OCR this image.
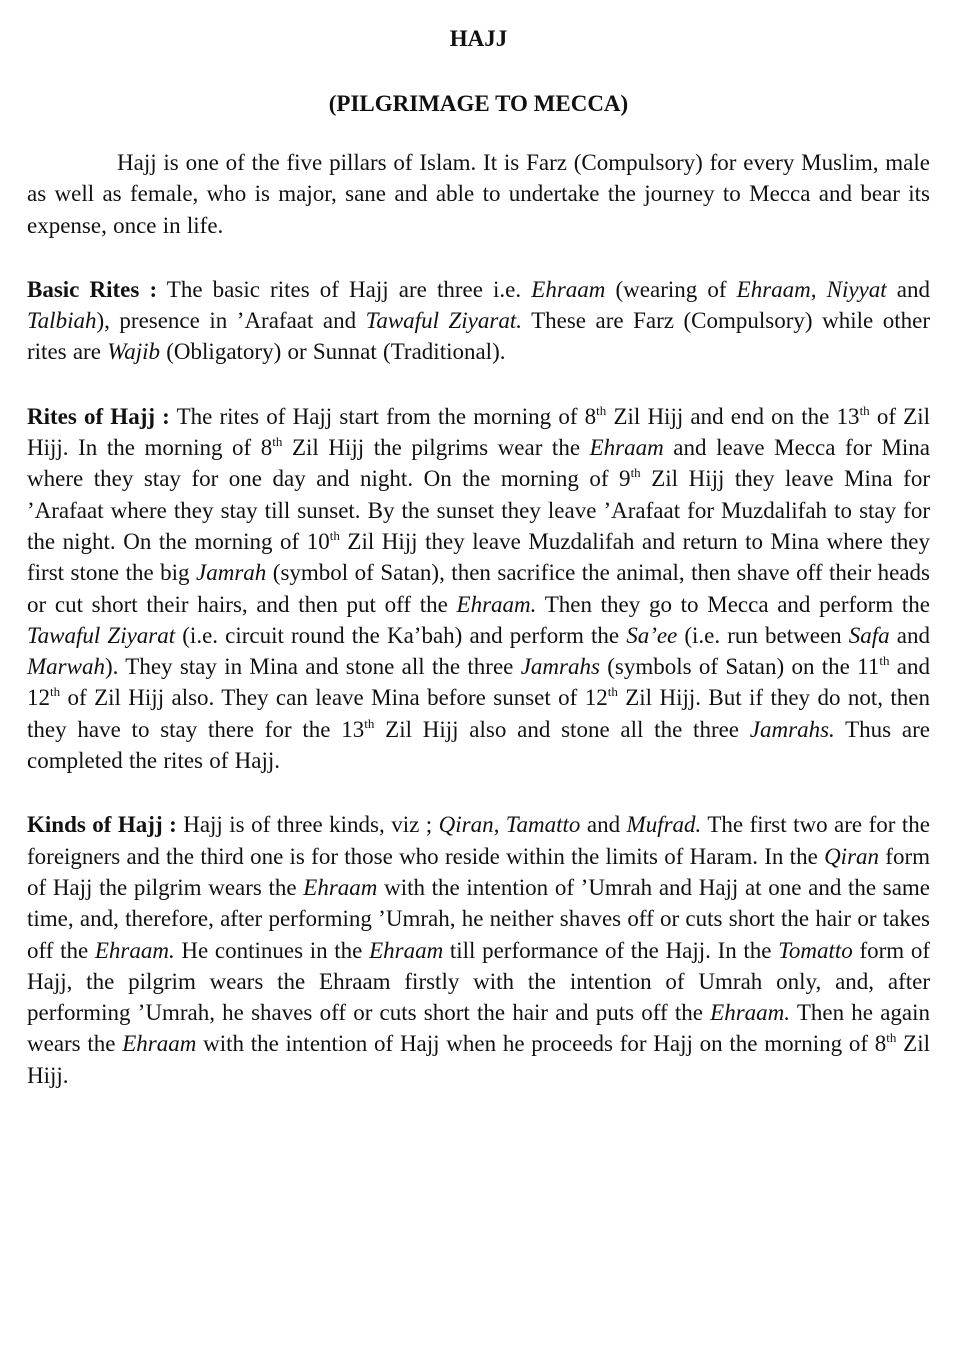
HAJJ
(PILGRIMAGE TO MECCA)

Hajj is one of the five pillars of Islam. It is Farz (Compulsory) for every Muslim, male as well as female, who is major, sane and able to undertake the journey to Mecca and bear its expense, once in life.

Basic Rites : The basic rites of Hajj are three i.e. Ehraam (wearing of Ehraam, Niyyat and Talbiah), presence in ’Arafaat and Tawaful Ziyarat. These are Farz (Compulsory) while other rites are Wajib (Obligatory) or Sunnat (Traditional).

Rites of Hajj : The rites of Hajj start from the morning of 8th Zil Hijj and end on the 13th of Zil Hijj. In the morning of 8th Zil Hijj the pilgrims wear the Ehraam and leave Mecca for Mina where they stay for one day and night. On the morning of 9th Zil Hijj they leave Mina for ’Arafaat where they stay till sunset. By the sunset they leave ’Arafaat for Muzdalifah to stay for the night. On the morning of 10th Zil Hijj they leave Muzdalifah and return to Mina where they first stone the big Jamrah (symbol of Satan), then sacrifice the animal, then shave off their heads or cut short their hairs, and then put off the Ehraam. Then they go to Mecca and perform the Tawaful Ziyarat (i.e. circuit round the Ka’bah) and perform the Sa’ee (i.e. run between Safa and Marwah). They stay in Mina and stone all the three Jamrahs (symbols of Satan) on the 11th and 12th of Zil Hijj also. They can leave Mina before sunset of 12th Zil Hijj. But if they do not, then they have to stay there for the 13th Zil Hijj also and stone all the three Jamrahs. Thus are completed the rites of Hajj.

Kinds of Hajj : Hajj is of three kinds, viz ; Qiran, Tamatto and Mufrad. The first two are for the foreigners and the third one is for those who reside within the limits of Haram. In the Qiran form of Hajj the pilgrim wears the Ehraam with the intention of ’Umrah and Hajj at one and the same time, and, therefore, after performing ’Umrah, he neither shaves off or cuts short the hair or takes off the Ehraam. He continues in the Ehraam till performance of the Hajj. In the Tomatto form of Hajj, the pilgrim wears the Ehraam firstly with the intention of Umrah only, and, after performing ’Umrah, he shaves off or cuts short the hair and puts off the Ehraam. Then he again wears the Ehraam with the intention of Hajj when he proceeds for Hajj on the morning of 8th Zil Hijj.
